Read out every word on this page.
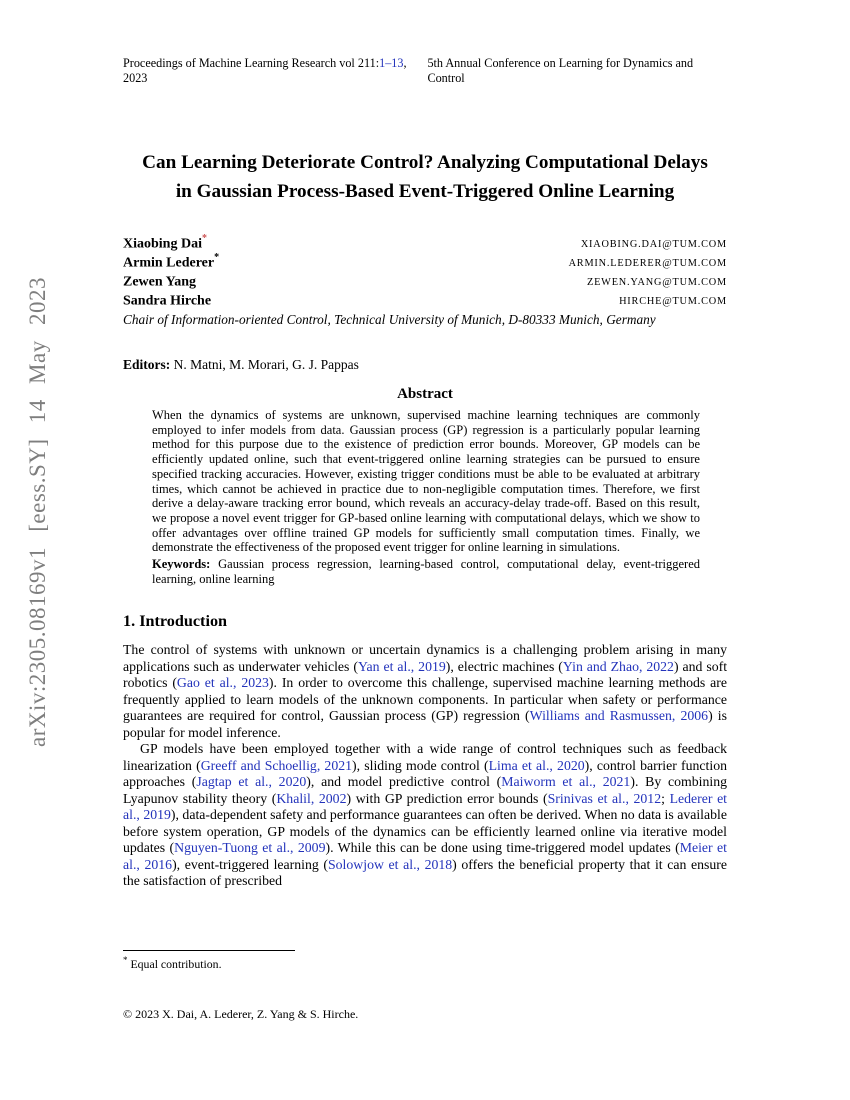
arXiv:2305.08169v1 [eess.SY] 14 May 2023
Proceedings of Machine Learning Research vol 211:1–13, 2023
5th Annual Conference on Learning for Dynamics and Control
Can Learning Deteriorate Control? Analyzing Computational Delays
in Gaussian Process-Based Event-Triggered Online Learning
Xiaobing Dai*
XIAOBING.DAI@TUM.COM
Armin Lederer*
ARMIN.LEDERER@TUM.COM
Zewen Yang	ZEWEN.YANG@TUM.COM
Sandra Hirche	HIRCHE@TUM.COM
Chair of Information-oriented Control, Technical University of Munich, D-80333 Munich, Germany
Editors: N. Matni, M. Morari, G. J. Pappas
Abstract
When the dynamics of systems are unknown, supervised machine learning techniques are commonly employed to infer models from data. Gaussian process (GP) regression is a particularly popular learning method for this purpose due to the existence of prediction error bounds. Moreover, GP models can be efficiently updated online, such that event-triggered online learning strategies can be pursued to ensure specified tracking accuracies. However, existing trigger conditions must be able to be evaluated at arbitrary times, which cannot be achieved in practice due to non-negligible computation times. Therefore, we first derive a delay-aware tracking error bound, which reveals an accuracy-delay trade-off. Based on this result, we propose a novel event trigger for GP-based online learning with computational delays, which we show to offer advantages over offline trained GP models for sufficiently small computation times. Finally, we demonstrate the effectiveness of the proposed event trigger for online learning in simulations.
Keywords: Gaussian process regression, learning-based control, computational delay, event-triggered learning, online learning
1. Introduction
The control of systems with unknown or uncertain dynamics is a challenging problem arising in many applications such as underwater vehicles (Yan et al., 2019), electric machines (Yin and Zhao, 2022) and soft robotics (Gao et al., 2023). In order to overcome this challenge, supervised machine learning methods are frequently applied to learn models of the unknown components. In particular when safety or performance guarantees are required for control, Gaussian process (GP) regression (Williams and Rasmussen, 2006) is popular for model inference.
GP models have been employed together with a wide range of control techniques such as feedback linearization (Greeff and Schoellig, 2021), sliding mode control (Lima et al., 2020), control barrier function approaches (Jagtap et al., 2020), and model predictive control (Maiworm et al., 2021). By combining Lyapunov stability theory (Khalil, 2002) with GP prediction error bounds (Srinivas et al., 2012; Lederer et al., 2019), data-dependent safety and performance guarantees can often be derived. When no data is available before system operation, GP models of the dynamics can be efficiently learned online via iterative model updates (Nguyen-Tuong et al., 2009). While this can be done using time-triggered model updates (Meier et al., 2016), event-triggered learning (Solowjow et al., 2018) offers the beneficial property that it can ensure the satisfaction of prescribed
* Equal contribution.
© 2023 X. Dai, A. Lederer, Z. Yang & S. Hirche.
